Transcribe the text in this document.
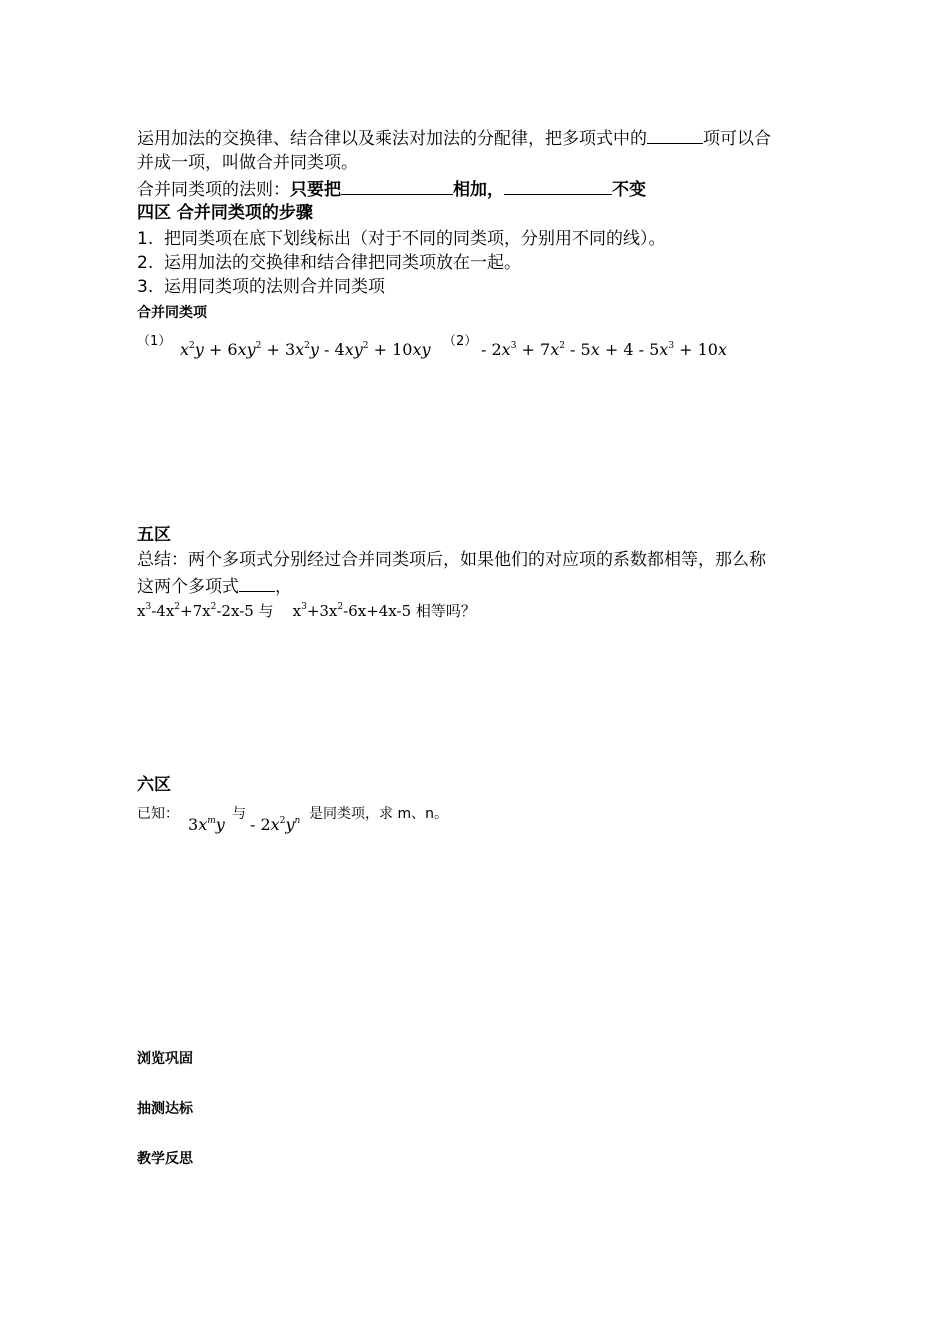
运用加法的交换律、结合律以及乘法对加法的分配律，把多项式中的	项可以合
并成一项，叫做合并同类项。
合并同类项的法则：只要把	相加，	不变
四区 合并同类项的步骤
1. 把同类项在底下划线标出（对于不同的同类项，分别用不同的线）。
2. 运用加法的交换律和结合律把同类项放在一起。
3. 运用同类项的法则合并同类项
合并同类项
（1） $x^2y + 6xy^2 + 3x^2y - 4xy^2 + 10xy$ $(2) - 2x^3 + 7x^2 - 5x + 4 - 5x^3 + 10x$
五区
总结：两个多项式分别经过合并同类项后，如果他们的对应项的系数都相等，那么称
这两个多项式 ，
$x^3-4x^2+7x^2-2x-5$ 与    $x^3+3x^2-6x+4x-5$ 相等吗？
六区
已知：
$3x^my$
与
- $2x^2y^n$ 是同类项，求 m、n。
浏览巩固
抽测达标
教学反思
